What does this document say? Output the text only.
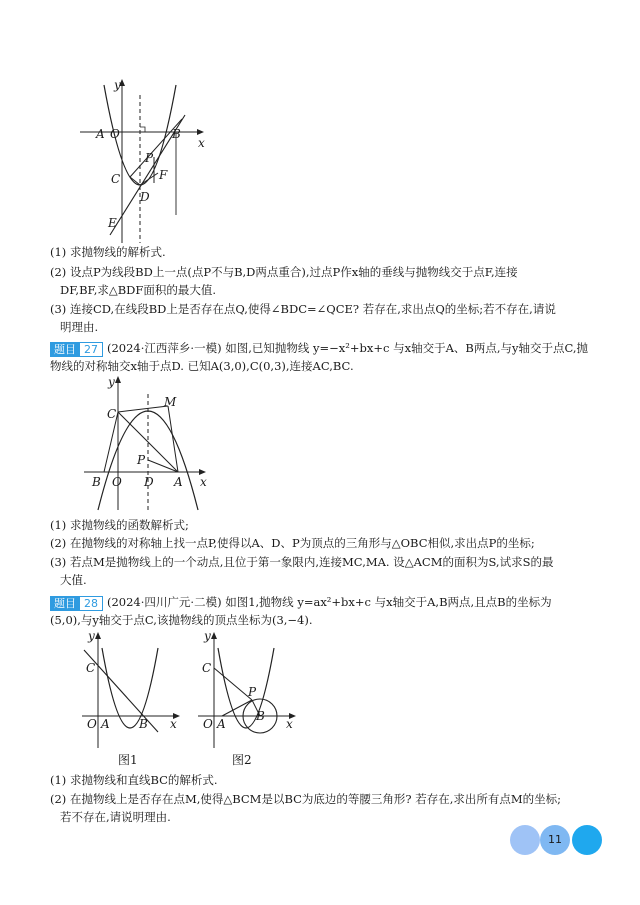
y
x
A O	B
C
D
P
F
E
(1) 求抛物线的解析式.
(2) 设点P为线段BD上一点(点P不与B,D两点重合),过点P作x轴的垂线与抛物线交于点F,连接
DF,BF,求△BDF面积的最大值.
(3) 连接CD,在线段BD上是否存在点Q,使得∠BDC=∠QCE? 若存在,求出点Q的坐标;若不存在,请说
明理由.
题目 27 (2024·江西萍乡·一模) 如图,已知抛物线 y=−x²+bx+c 与x轴交于A、B两点,与y轴交于点C,抛
物线的对称轴交x轴于点D. 已知A(3,0),C(0,3),连接AC,BC.
y
x
C
M
P
B O D A
(1) 求抛物线的函数解析式;
(2) 在抛物线的对称轴上找一点P,使得以A、D、P为顶点的三角形与△OBC相似,求出点P的坐标;
(3) 若点M是抛物线上的一个动点,且位于第一象限内,连接MC,MA. 设△ACM的面积为S,试求S的最
大值.
题目 28 (2024·四川广元·二模) 如图1,抛物线 y=ax²+bx+c 与x轴交于A,B两点,且点B的坐标为
(5,0),与y轴交于点C,该抛物线的顶点坐标为(3,−4).
y
x
C
O A B
图1
y
x
C
P
O A
B
图2
(1) 求抛物线和直线BC的解析式.
(2) 在抛物线上是否存在点M,使得△BCM是以BC为底边的等腰三角形? 若存在,求出所有点M的坐标;
若不存在,请说明理由.
11
